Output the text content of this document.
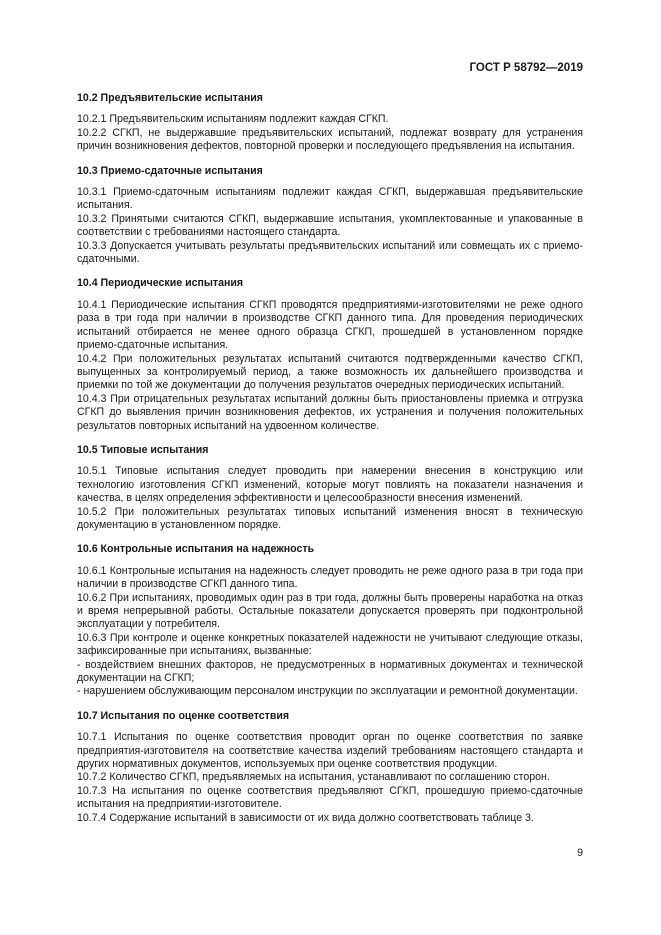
ГОСТ Р 58792—2019
10.2 Предъявительские испытания

10.2.1 Предъявительским испытаниям подлежит каждая СГКП.

10.2.2 СГКП, не выдержавшие предъявительских испытаний, подлежат возврату для устранения причин возникновения дефектов, повторной проверки и последующего предъявления на испытания.

10.3 Приемо-сдаточные испытания

10.3.1 Приемо-сдаточным испытаниям подлежит каждая СГКП, выдержавшая предъявительские испытания.

10.3.2 Принятыми считаются СГКП, выдержавшие испытания, укомплектованные и упакованные в соответствии с требованиями настоящего стандарта.

10.3.3 Допускается учитывать результаты предъявительских испытаний или совмещать их с приемо-сдаточными.

10.4 Периодические испытания

10.4.1 Периодические испытания СГКП проводятся предприятиями-изготовителями не реже одного раза в три года при наличии в производстве СГКП данного типа. Для проведения периодических испытаний отбирается не менее одного образца СГКП, прошедшей в установленном порядке приемо-сдаточные испытания.

10.4.2 При положительных результатах испытаний считаются подтвержденными качество СГКП, выпущенных за контролируемый период, а также возможность их дальнейшего производства и приемки по той же документации до получения результатов очередных периодических испытаний.

10.4.3 При отрицательных результатах испытаний должны быть приостановлены приемка и отгрузка СГКП до выявления причин возникновения дефектов, их устранения и получения положительных результатов повторных испытаний на удвоенном количестве.

10.5 Типовые испытания

10.5.1 Типовые испытания следует проводить при намерении внесения в конструкцию или технологию изготовления СГКП изменений, которые могут повлиять на показатели назначения и качества, в целях определения эффективности и целесообразности внесения изменений.

10.5.2 При положительных результатах типовых испытаний изменения вносят в техническую документацию в установленном порядке.

10.6 Контрольные испытания на надежность

10.6.1 Контрольные испытания на надежность следует проводить не реже одного раза в три года при наличии в производстве СГКП данного типа.

10.6.2 При испытаниях, проводимых один раз в три года, должны быть проверены наработка на отказ и время непрерывной работы. Остальные показатели допускается проверять при подконтрольной эксплуатации у потребителя.

10.6.3 При контроле и оценке конкретных показателей надежности не учитывают следующие отказы, зафиксированные при испытаниях, вызванные:

- воздействием внешних факторов, не предусмотренных в нормативных документах и технической документации на СГКП;

- нарушением обслуживающим персоналом инструкции по эксплуатации и ремонтной документации.

10.7 Испытания по оценке соответствия

10.7.1 Испытания по оценке соответствия проводит орган по оценке соответствия по заявке предприятия-изготовителя на соответствие качества изделий требованиям настоящего стандарта и других нормативных документов, используемых при оценке соответствия продукции.

10.7.2 Количество СГКП, предъявляемых на испытания, устанавливают по соглашению сторон.

10.7.3 На испытания по оценке соответствия предъявляют СГКП, прошедшую приемо-сдаточные испытания на предприятии-изготовителе.

10.7.4 Содержание испытаний в зависимости от их вида должно соответствовать таблице 3.

9
